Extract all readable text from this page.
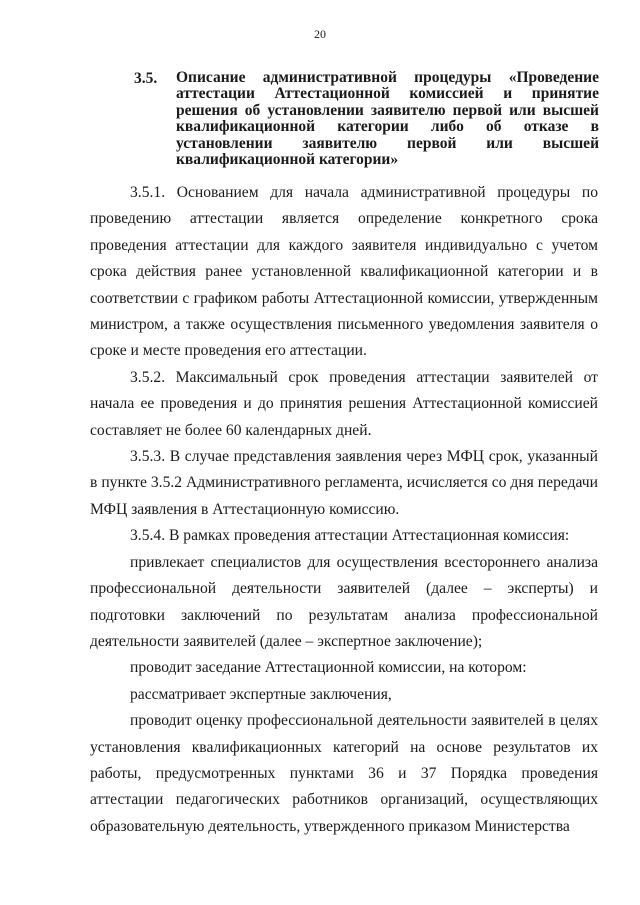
20
3.5. Описание административной процедуры «Проведение аттестации Аттестационной комиссией и принятие решения об установлении заявителю первой или высшей квалификационной категории либо об отказе в установлении заявителю первой или высшей квалификационной категории»

3.5.1. Основанием для начала административной процедуры по проведению аттестации является определение конкретного срока проведения аттестации для каждого заявителя индивидуально с учетом срока действия ранее установленной квалификационной категории и в соответствии с графиком работы Аттестационной комиссии, утвержденным министром, а также осуществления письменного уведомления заявителя о сроке и месте проведения его аттестации.

3.5.2. Максимальный срок проведения аттестации заявителей от начала ее проведения и до принятия решения Аттестационной комиссией составляет не более 60 календарных дней.

3.5.3. В случае представления заявления через МФЦ срок, указанный в пункте 3.5.2 Административного регламента, исчисляется со дня передачи МФЦ заявления в Аттестационную комиссию.

3.5.4. В рамках проведения аттестации Аттестационная комиссия:

привлекает специалистов для осуществления всестороннего анализа профессиональной деятельности заявителей (далее – эксперты) и подготовки заключений по результатам анализа профессиональной деятельности заявителей (далее – экспертное заключение);

проводит заседание Аттестационной комиссии, на котором:

рассматривает экспертные заключения,

проводит оценку профессиональной деятельности заявителей в целях установления квалификационных категорий на основе результатов их работы, предусмотренных пунктами 36 и 37 Порядка проведения аттестации педагогических работников организаций, осуществляющих образовательную деятельность, утвержденного приказом Министерства
